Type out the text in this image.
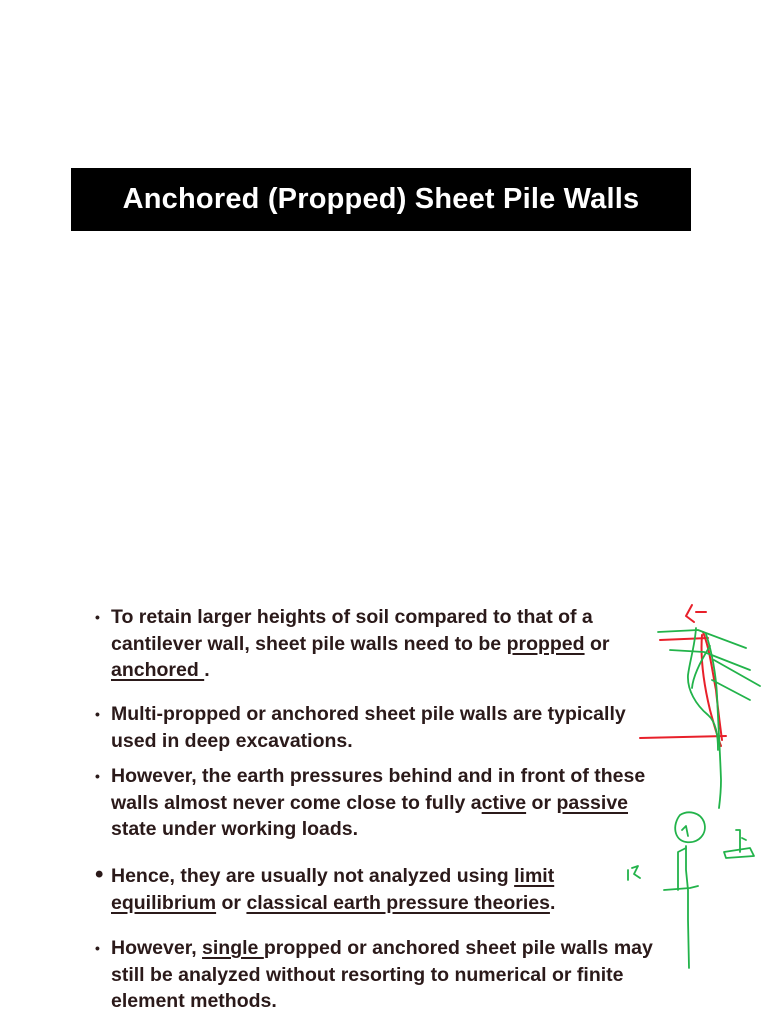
Anchored (Propped) Sheet Pile Walls
• To retain larger heights of soil compared to that of a cantilever wall, sheet pile walls need to be propped or anchored .
• Multi-propped or anchored sheet pile walls are typically used in deep excavations.
• However, the earth pressures behind and in front of these walls almost never come close to fully active or passive state under working loads.
• Hence, they are usually not analyzed using limit equilibrium or classical earth pressure theories.
• However, single propped or anchored sheet pile walls may still be analyzed without resorting to numerical or finite element methods.
